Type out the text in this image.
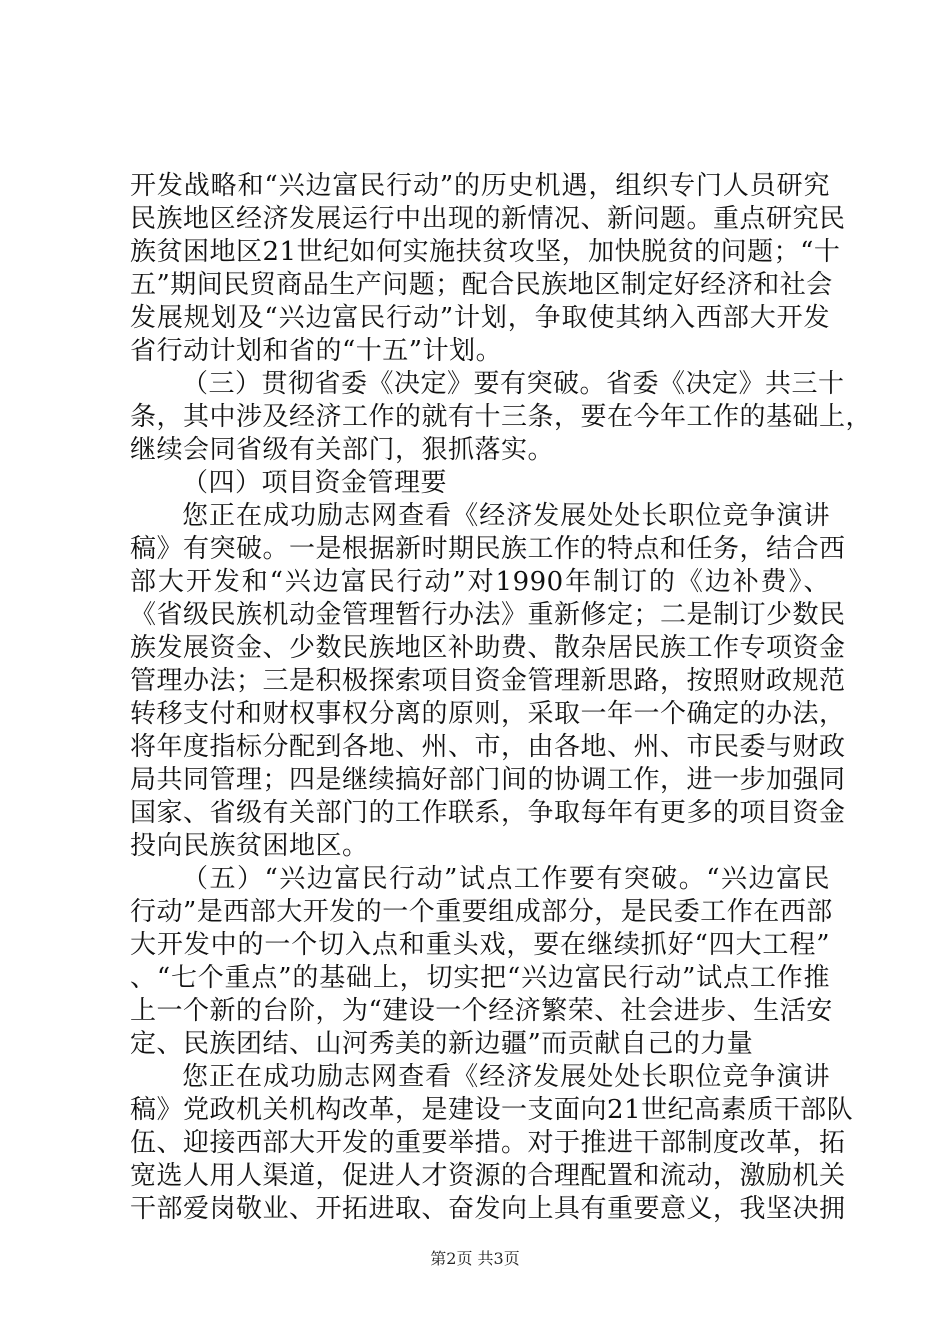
开发战略和“兴边富民行动”的历史机遇，组织专门人员研究
民族地区经济发展运行中出现的新情况、新问题。重点研究民
族贫困地区21世纪如何实施扶贫攻坚，加快脱贫的问题；“十
五”期间民贸商品生产问题；配合民族地区制定好经济和社会
发展规划及“兴边富民行动”计划，争取使其纳入西部大开发
省行动计划和省的“十五”计划。
（三）贯彻省委《决定》要有突破。省委《决定》共三十
条，其中涉及经济工作的就有十三条，要在今年工作的基础上，
继续会同省级有关部门，狠抓落实。
（四）项目资金管理要
您正在成功励志网查看《经济发展处处长职位竞争演讲
稿》有突破。一是根据新时期民族工作的特点和任务，结合西
部大开发和“兴边富民行动”对1990年制订的《边补费》、
《省级民族机动金管理暂行办法》重新修定；二是制订少数民
族发展资金、少数民族地区补助费、散杂居民族工作专项资金
管理办法；三是积极探索项目资金管理新思路，按照财政规范
转移支付和财权事权分离的原则，采取一年一个确定的办法，
将年度指标分配到各地、州、市，由各地、州、市民委与财政
局共同管理；四是继续搞好部门间的协调工作，进一步加强同
国家、省级有关部门的工作联系，争取每年有更多的项目资金
投向民族贫困地区。
（五）“兴边富民行动”试点工作要有突破。“兴边富民
行动”是西部大开发的一个重要组成部分，是民委工作在西部
大开发中的一个切入点和重头戏，要在继续抓好“四大工程”
、“七个重点”的基础上，切实把“兴边富民行动”试点工作推
上一个新的台阶，为“建设一个经济繁荣、社会进步、生活安
定、民族团结、山河秀美的新边疆”而贡献自己的力量
您正在成功励志网查看《经济发展处处长职位竞争演讲
稿》党政机关机构改革，是建设一支面向21世纪高素质干部队
伍、迎接西部大开发的重要举措。对于推进干部制度改革，拓
宽选人用人渠道，促进人才资源的合理配置和流动，激励机关
干部爱岗敬业、开拓进取、奋发向上具有重要意义，我坚决拥
第2页 共3页
